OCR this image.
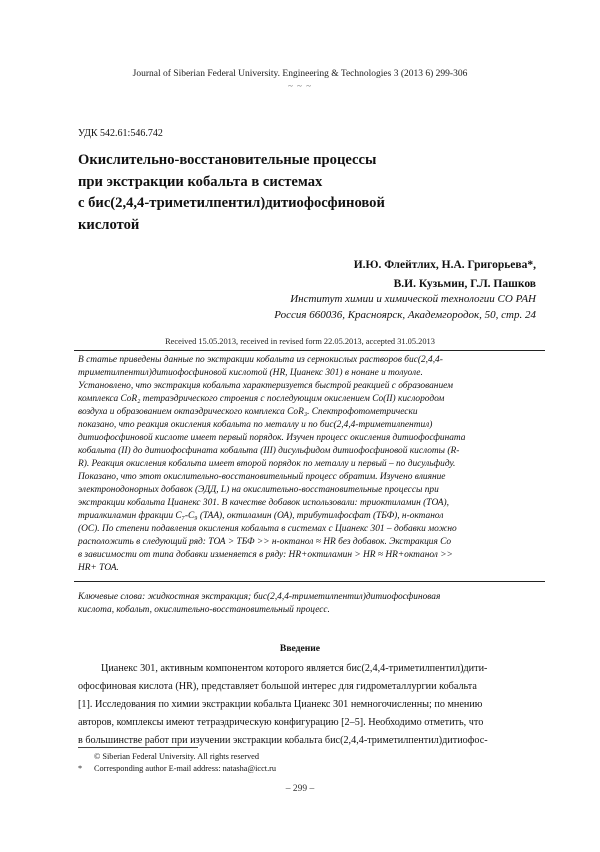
Journal of Siberian Federal University. Engineering & Technologies 3 (2013 6) 299-306
~ ~ ~
УДК 542.61:546.742
Окислительно-восстановительные процессы
при экстракции кобальта в системах
с бис(2,4,4-триметилпентил)дитиофосфиновой
кислотой
И.Ю. Флейтлих, Н.А. Григорьева*,
В.И. Кузьмин, Г.Л. Пашков
Институт химии и химической технологии СО РАН
Россия 660036, Красноярск, Академгородок, 50, стр. 24
Received 15.05.2013, received in revised form 22.05.2013, accepted 31.05.2013
В статье приведены данные по экстракции кобальта из сернокислых растворов бис(2,4,4-
триметилпентил)дитиофосфиновой кислотой (HR, Цианекс 301) в нонане и толуоле.
Установлено, что экстракция кобальта характеризуется быстрой реакцией с образованием
комплекса CoR₂ тетраэдрического строения с последующим окислением Co(II) кислородом
воздуха и образованием октаэдрического комплекса CoR₃. Спектрофотометрически
показано, что реакция окисления кобальта по металлу и по бис(2,4,4-триметилпентил)
дитиофосфиновой кислоте имеет первый порядок. Изучен процесс окисления дитиофосфината
кобальта (II) до дитиофосфината кобальта (III) дисульфидом дитиофосфиновой кислоты (R-
R). Реакция окисления кобальта имеет второй порядок по металлу и первый – по дисульфиду.
Показано, что этот окислительно-восстановительный процесс обратим. Изучено влияние
электронодонорных добавок (ЭДД, L) на окислительно-восстановительные процессы при
экстракции кобальта Цианекс 301. В качестве добавок использовали: триоктиламин (ТОА),
триалкиламин фракции C₇-C₉ (ТАА), октиламин (ОА), трибутилфосфат (ТБФ), н-октанол
(ОС). По степени подавления окисления кобальта в системах с Цианекс 301 – добавки можно
расположить в следующий ряд: ТОА > ТБФ >> н-октанол ≈ HR без добавок. Экстракция Co
в зависимости от типа добавки изменяется в ряду: HR+октиламин > HR ≈ HR+октанол >>
HR+ ТОА.
Ключевые слова: жидкостная экстракция; бис(2,4,4-триметилпентил)дитиофосфиновая
кислота, кобальт, окислительно-восстановительный процесс.
Введение
Цианекс 301, активным компонентом которого является бис(2,4,4-триметилпентил)дити-
офосфиновая кислота (HR), представляет большой интерес для гидрометаллургии кобальта
[1]. Исследования по химии экстракции кобальта Цианекс 301 немногочисленны; по мнению
авторов, комплексы имеют тетраэдрическую конфигурацию [2–5]. Необходимо отметить, что
в большинстве работ при изучении экстракции кобальта бис(2,4,4-триметилпентил)дитиофос-
© Siberian Federal University. All rights reserved
* Corresponding author E-mail address: natasha@icct.ru
– 299 –
